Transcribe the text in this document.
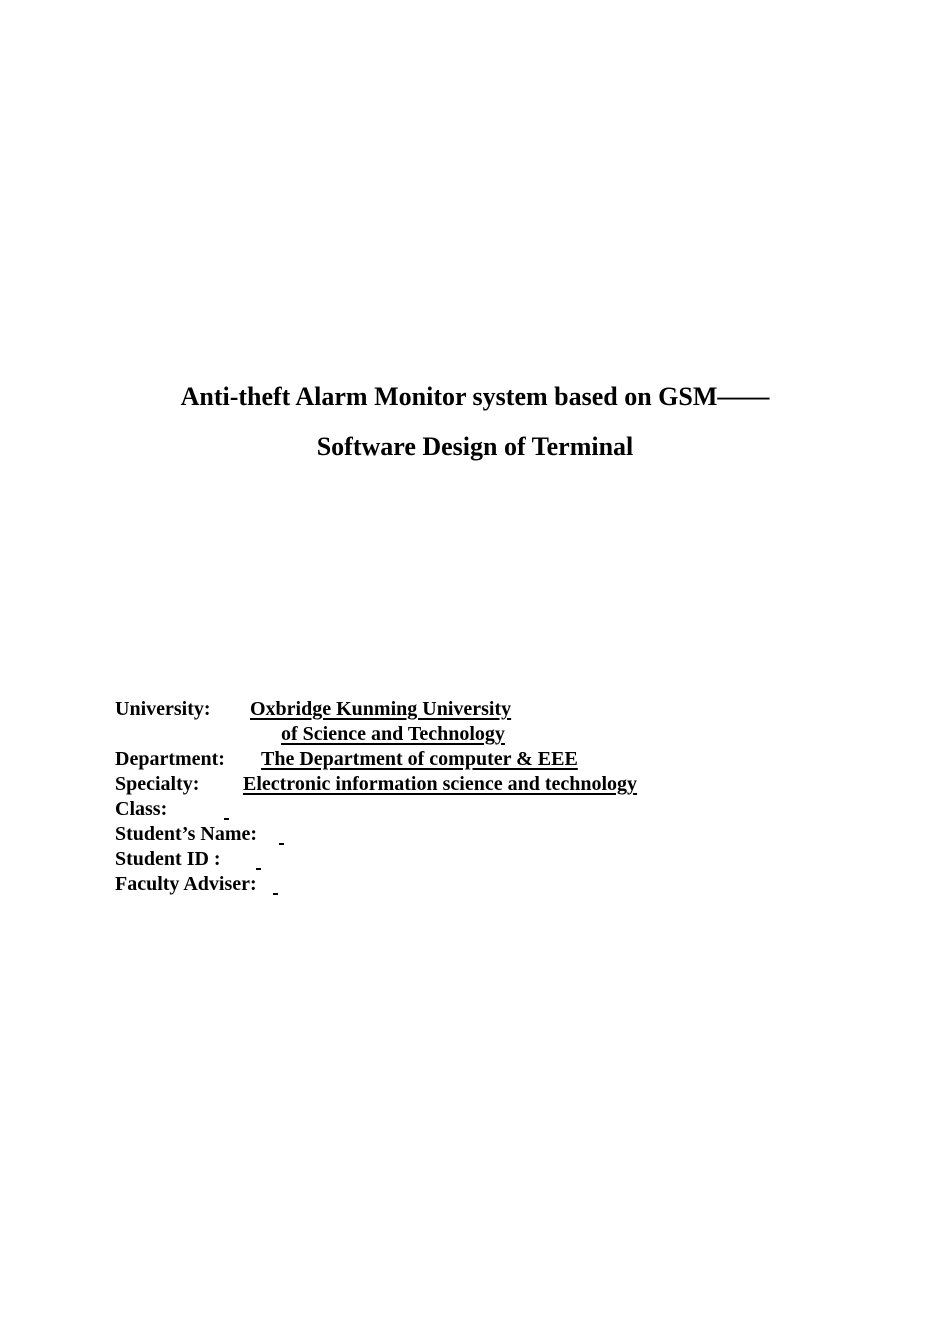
Anti-theft Alarm Monitor system based on GSM——
Software Design of Terminal
University: Oxbridge Kunming University
of Science and Technology
Department: The Department of computer & EEE
Specialty: Electronic information science and technology
Class:
Student’s Name:
Student ID :
Faculty Adviser:
